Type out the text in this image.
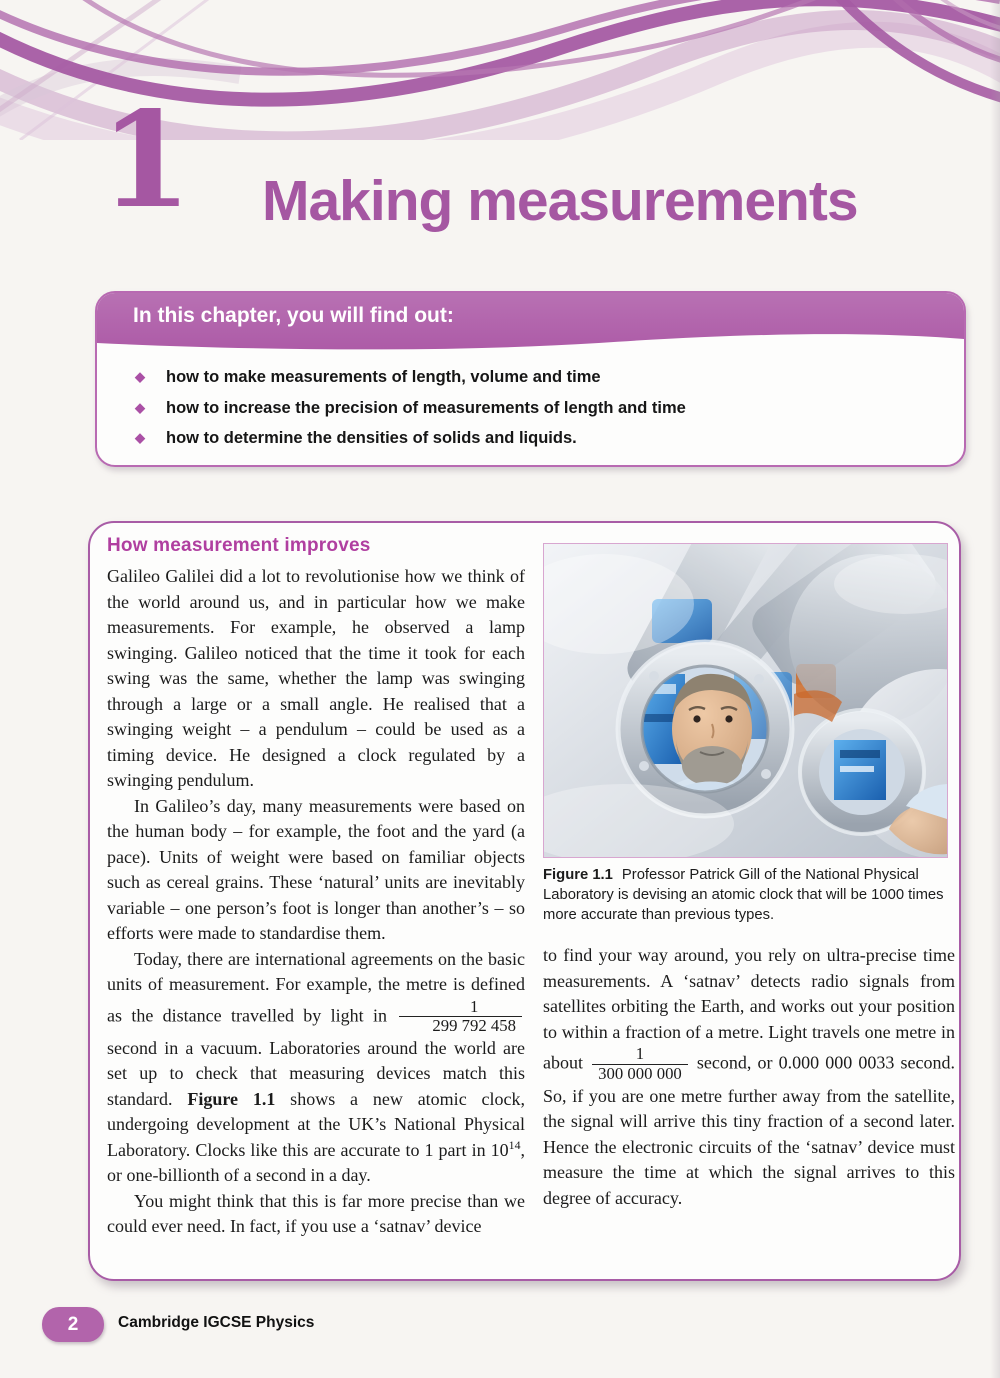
1 Making measurements
In this chapter, you will find out:
◆ how to make measurements of length, volume and time
◆ how to increase the precision of measurements of length and time
◆ how to determine the densities of solids and liquids.
How measurement improves

Galileo Galilei did a lot to revolutionise how we think of the world around us, and in particular how we make measurements. For example, he observed a lamp swinging. Galileo noticed that the time it took for each swing was the same, whether the lamp was swinging through a large or a small angle. He realised that a swinging weight – a pendulum – could be used as a timing device. He designed a clock regulated by a swinging pendulum.

In Galileo’s day, many measurements were based on the human body – for example, the foot and the yard (a pace). Units of weight were based on familiar objects such as cereal grains. These ‘natural’ units are inevitably variable – one person’s foot is longer than another’s – so efforts were made to standardise them.

Today, there are international agreements on the basic units of measurement. For example, the metre is defined as the distance travelled by light in $\frac{1}{299 792 458}$
second in a vacuum. Laboratories around the world are set up to check that measuring devices match this standard. Figure 1.1 shows a new atomic clock, undergoing development at the UK’s National Physical Laboratory. Clocks like this are accurate to 1 part in $10^{14}$, or one-billionth of a second in a day.

You might think that this is far more precise than we could ever need. In fact, if you use a ‘satnav’ device

Figure 1.1 Professor Patrick Gill of the National Physical Laboratory is devising an atomic clock that will be 1000 times more accurate than previous types.

to find your way around, you rely on ultra-precise time measurements. A ‘satnav’ detects radio signals from satellites orbiting the Earth, and works out your position to within a fraction of a metre. Light travels one metre in about $\frac{1}{300 000 000}$ second, or 0.000 000 0033 second. So, if you are one metre further away from the satellite, the signal will arrive this tiny fraction of a second later. Hence the electronic circuits of the ‘satnav’ device must measure the time at which the signal arrives to this degree of accuracy.

2	Cambridge IGCSE Physics
